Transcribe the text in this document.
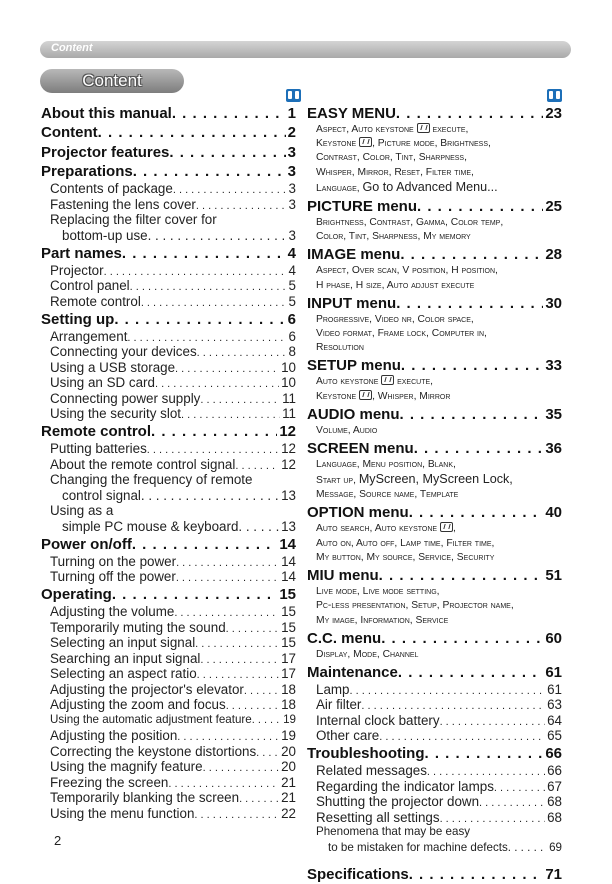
Content
Content
About this manual . . .	1
Content . . .	2
Projector features . . .	3
Preparations . . .	3
Contents of package . . .	3
Fastening the lens cover . . .	3
Replacing the filter cover for
bottom-up use . . .	3
Part names . . .	4
Projector . . .	4
Control panel . . .	5
Remote control . . .	5
Setting up . . .	6
Arrangement . . .	6
Connecting your devices . . .	8
Using a USB storage . . .	10
Using an SD card . . .	10
Connecting power supply . . .	11
Using the security slot . . .	11
Remote control . . .	12
Putting batteries . . .	12
About the remote control signal . . .	12
Changing the frequency of remote
control signal . . .	13
Using as a
simple PC mouse & keyboard . . .	13
Power on/off . . .	14
Turning on the power . . .	14
Turning off the power . . .	14
Operating . . .	15
Adjusting the volume . . .	15
Temporarily muting the sound . . .	15
Selecting an input signal . . .	15
Searching an input signal . . .	17
Selecting an aspect ratio . . .	17
Adjusting the projector's elevator . . .	18
Adjusting the zoom and focus . . .	18
Using the automatic adjustment feature . . .	19
Adjusting the position . . .	19
Correcting the keystone distortions . . . 20
Using the magnify feature . . .	20
Freezing the screen . . .	21
Temporarily blanking the screen . . .	21
Using the menu function . . .	22
EASY MENU . . .	23
Aspect, Auto keystone  execute,
Keystone , Picture mode, Brightness,
Contrast, Color, Tint, Sharpness,
Whisper, Mirror, Reset, Filter time,
Language, Go to Advanced Menu...
PICTURE menu . . .	25
Brightness, Contrast, Gamma, Color temp,
Color, Tint, Sharpness, My memory
IMAGE menu . . .	28
Aspect, Over scan, V position, H position,
H phase, H size, Auto adjust execute
INPUT menu . . .	30
Progressive, Video nr, Color space,
Video format, Frame lock, Computer in,
Resolution
SETUP menu . . .	33
Auto keystone  execute,
Keystone , Whisper, Mirror
AUDIO menu . . .	35
Volume, Audio
SCREEN menu . . .	36
Language, Menu position, Blank,
Start up, MyScreen, MyScreen Lock,
Message, Source name, Template
OPTION menu . . .	40
Auto search, Auto keystone ,
Auto on, Auto off, Lamp time, Filter time,
My button, My source, Service, Security
MIU menu . . .	51
Live mode, Live mode setting,
Pc-less presentation, Setup, Projector name,
My image, Information, Service
C.C. menu . . .	60
Display, Mode, Channel
Maintenance . . .	61
Lamp . . .	61
Air filter . . .	63
Internal clock battery . . .	64
Other care . . .	65
Troubleshooting . . .	66
Related messages . . .	66
Regarding the indicator lamps . . .	67
Shutting the projector down . . .	68
Resetting all settings . . .	68
Phenomena that may be easy
to be mistaken for machine defects . . .	69
Specifications . . .	71
2
